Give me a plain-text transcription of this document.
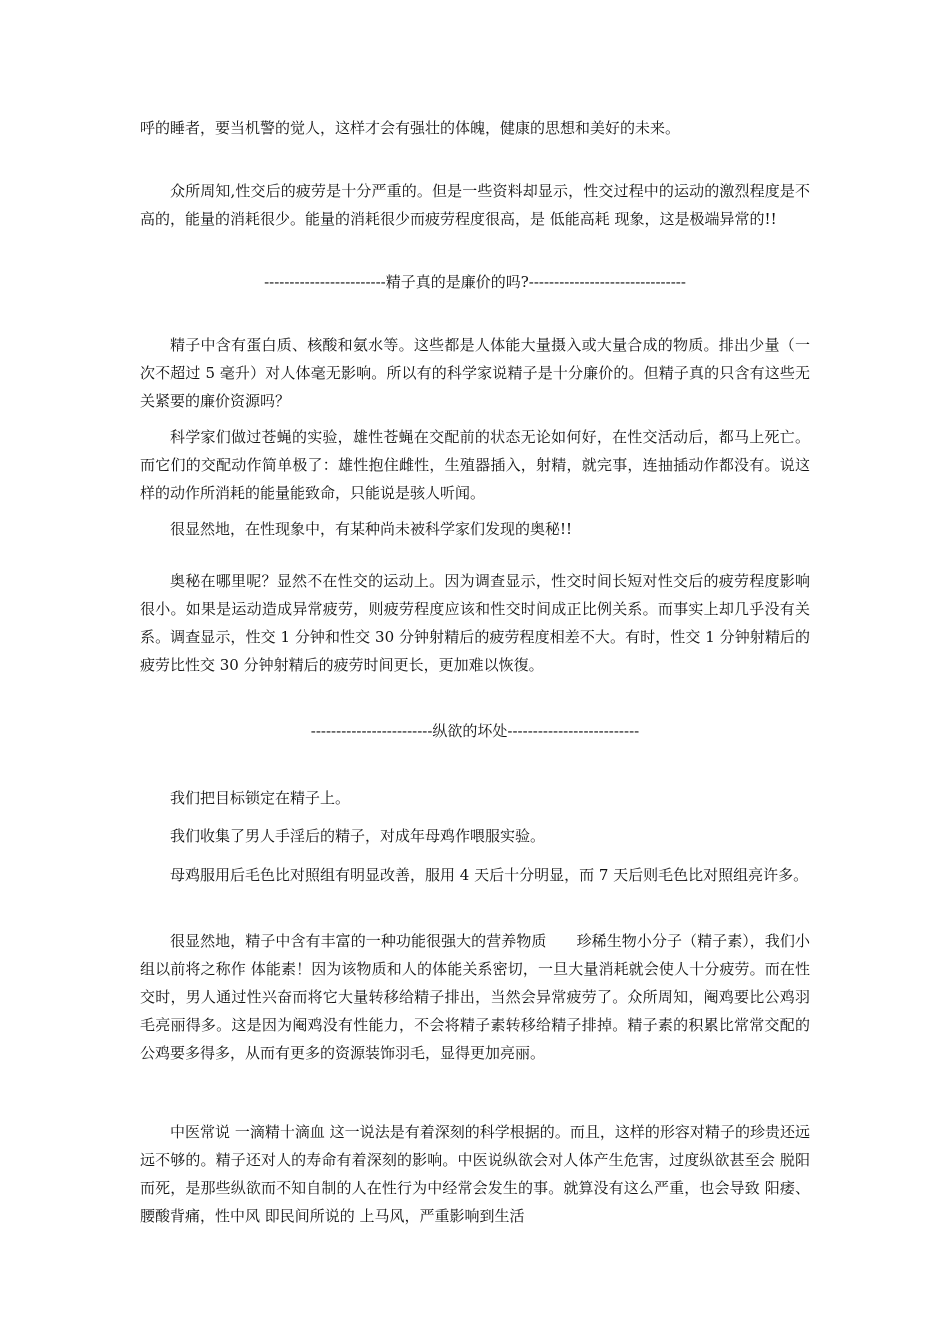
呼的睡者，要当机警的觉人，这样才会有强壮的体魄，健康的思想和美好的未来。

众所周知,性交后的疲劳是十分严重的。但是一些资料却显示，性交过程中的运动的激烈程度是不高的，能量的消耗很少。能量的消耗很少而疲劳程度很高，是 低能高耗 现象，这是极端异常的!!

------------------------精子真的是廉价的吗?-------------------------------

精子中含有蛋白质、核酸和氨水等。这些都是人体能大量摄入或大量合成的物质。排出少量（一次不超过 5 毫升）对人体毫无影响。所以有的科学家说精子是十分廉价的。但精子真的只含有这些无关紧要的廉价资源吗？

科学家们做过苍蝇的实验，雄性苍蝇在交配前的状态无论如何好，在性交活动后，都马上死亡。而它们的交配动作简单极了：雄性抱住雌性，生殖器插入，射精，就完事，连抽插动作都没有。说这样的动作所消耗的能量能致命，只能说是骇人听闻。

很显然地，在性现象中，有某种尚未被科学家们发现的奥秘!!

奥秘在哪里呢？显然不在性交的运动上。因为调查显示，性交时间长短对性交后的疲劳程度影响很小。如果是运动造成异常疲劳，则疲劳程度应该和性交时间成正比例关系。而事实上却几乎没有关系。调查显示，性交 1 分钟和性交 30 分钟射精后的疲劳程度相差不大。有时，性交 1 分钟射精后的疲劳比性交 30 分钟射精后的疲劳时间更长，更加难以恢復。

------------------------纵欲的坏处--------------------------

我们把目标锁定在精子上。

我们收集了男人手淫后的精子，对成年母鸡作喂服实验。

母鸡服用后毛色比对照组有明显改善，服用 4 天后十分明显，而 7 天后则毛色比对照组亮许多。

很显然地，精子中含有丰富的一种功能很强大的营养物质　　珍稀生物小分子（精子素），我们小组以前将之称作 体能素！因为该物质和人的体能关系密切，一旦大量消耗就会使人十分疲劳。而在性交时，男人通过性兴奋而将它大量转移给精子排出，当然会异常疲劳了。众所周知，阉鸡要比公鸡羽毛亮丽得多。这是因为阉鸡没有性能力，不会将精子素转移给精子排掉。精子素的积累比常常交配的公鸡要多得多，从而有更多的资源装饰羽毛，显得更加亮丽。

中医常说 一滴精十滴血 这一说法是有着深刻的科学根据的。而且，这样的形容对精子的珍贵还远远不够的。精子还对人的寿命有着深刻的影响。中医说纵欲会对人体产生危害，过度纵欲甚至会 脱阳 而死，是那些纵欲而不知自制的人在性行为中经常会发生的事。就算没有这么严重，也会导致 阳痿、腰酸背痛，性中风 即民间所说的 上马风，严重影响到生活
